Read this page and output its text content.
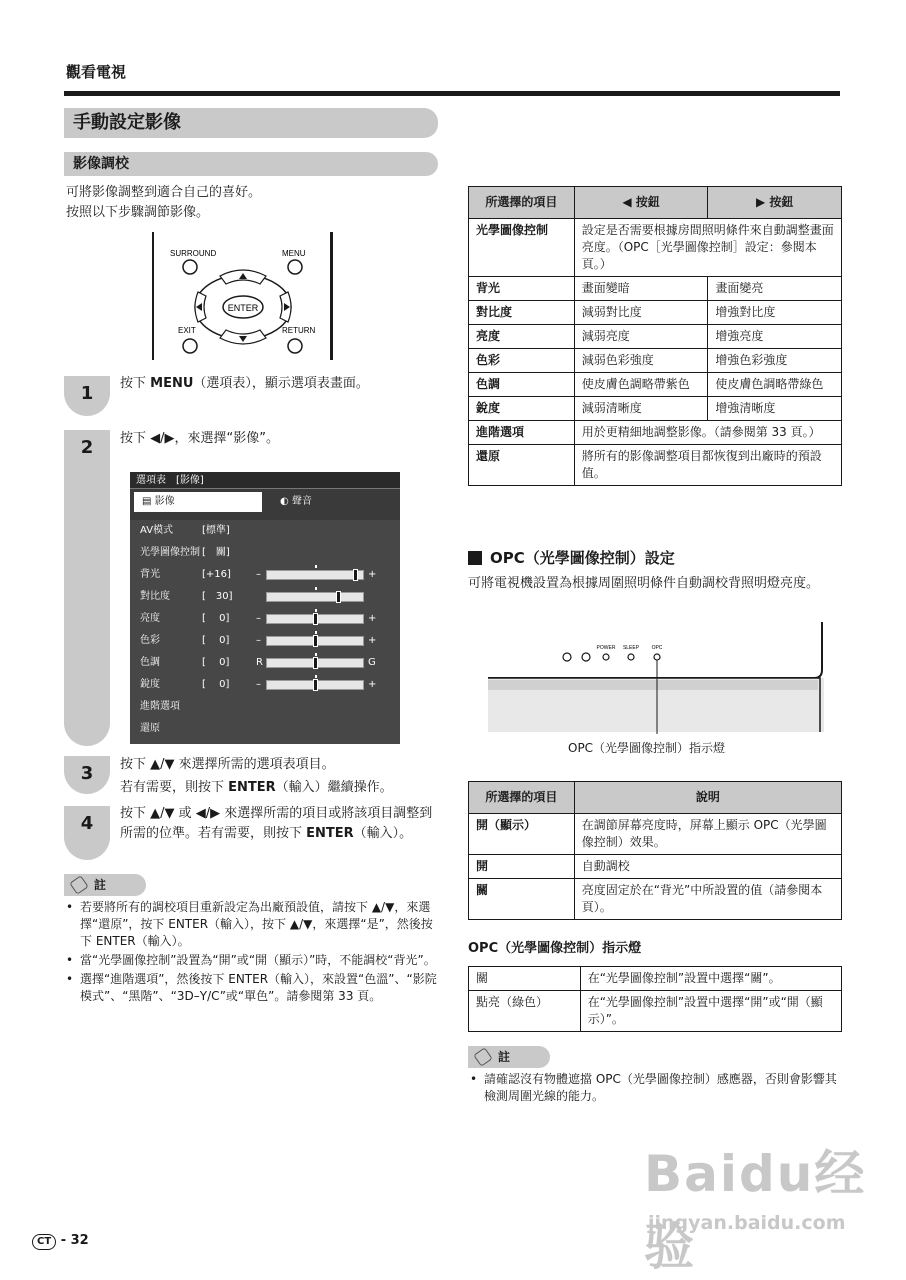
觀看電視
手動設定影像
影像調校
可將影像調整到適合自己的喜好。
按照以下步驟調節影像。
SURROUND	MENU
ENTER
EXIT	RETURN
1	按下 MENU（選項表），顯示選項表畫面。
2	按下 ◀/▶，來選擇“影像”。
選項表　[影像]
▤ 影像	◐ 聲音
AV模式	[標準]
光學圖像控制 [　關]
背光	[+16]	–	+
對比度	[　30]
亮度	[　 0]	–	+
色彩	[　 0]	–	+
色調	[　 0]	R	G
銳度	[　 0]	–	+
進階選項
還原
3	按下 ▲/▼ 來選擇所需的選項表項目。
若有需要，則按下 ENTER（輸入）繼續操作。
4	按下 ▲/▼ 或 ◀/▶ 來選擇所需的項目或將該項目調整到所需的位準。若有需要，則按下 ENTER（輸入）。
註
• 若要將所有的調校項目重新設定為出廠預設值，請按下 ▲/▼，來選擇“還原”，按下 ENTER（輸入），按下 ▲/▼，來選擇“是”，然後按下 ENTER（輸入）。
• 當“光學圖像控制”設置為“開”或“開（顯示）”時，不能調校“背光”。
• 選擇“進階選項”，然後按下 ENTER（輸入），來設置“色溫”、“影院模式”、“黑階”、“3D–Y/C”或“單色”。請參閱第 33 頁。
所選擇的項目	◀ 按鈕	▶ 按鈕
光學圖像控制	設定是否需要根據房間照明條件來自動調整畫面亮度。（OPC［光學圖像控制］設定：參閱本頁。）	
背光	畫面變暗	畫面變亮
對比度	減弱對比度	增強對比度
亮度	減弱亮度	增強亮度
色彩	減弱色彩強度	增強色彩強度
色調	使皮膚色調略帶紫色	使皮膚色調略帶綠色
銳度	減弱清晰度	增強清晰度
進階選項	用於更精細地調整影像。（請參閱第 33 頁。）	
還原	將所有的影像調整項目都恢復到出廠時的預設值。	
OPC（光學圖像控制）設定
可將電視機設置為根據周圍照明條件自動調校背照明燈亮度。
POWER SLEEP	OPC
OPC（光學圖像控制）指示燈
所選擇的項目	說明
開（顯示）	在調節屏幕亮度時，屏幕上顯示 OPC（光學圖像控制）效果。
開	自動調校
關	亮度固定於在“背光”中所設置的值（請參閱本頁）。
OPC（光學圖像控制）指示燈
關	在“光學圖像控制”設置中選擇“關”。
點亮（綠色）	在“光學圖像控制”設置中選擇“開”或“開（顯示）”。
註
• 請確認沒有物體遮擋 OPC（光學圖像控制）感應器，否則會影響其檢測周圍光線的能力。
Baidu经验
jingyan.baidu.com
CT - 32
